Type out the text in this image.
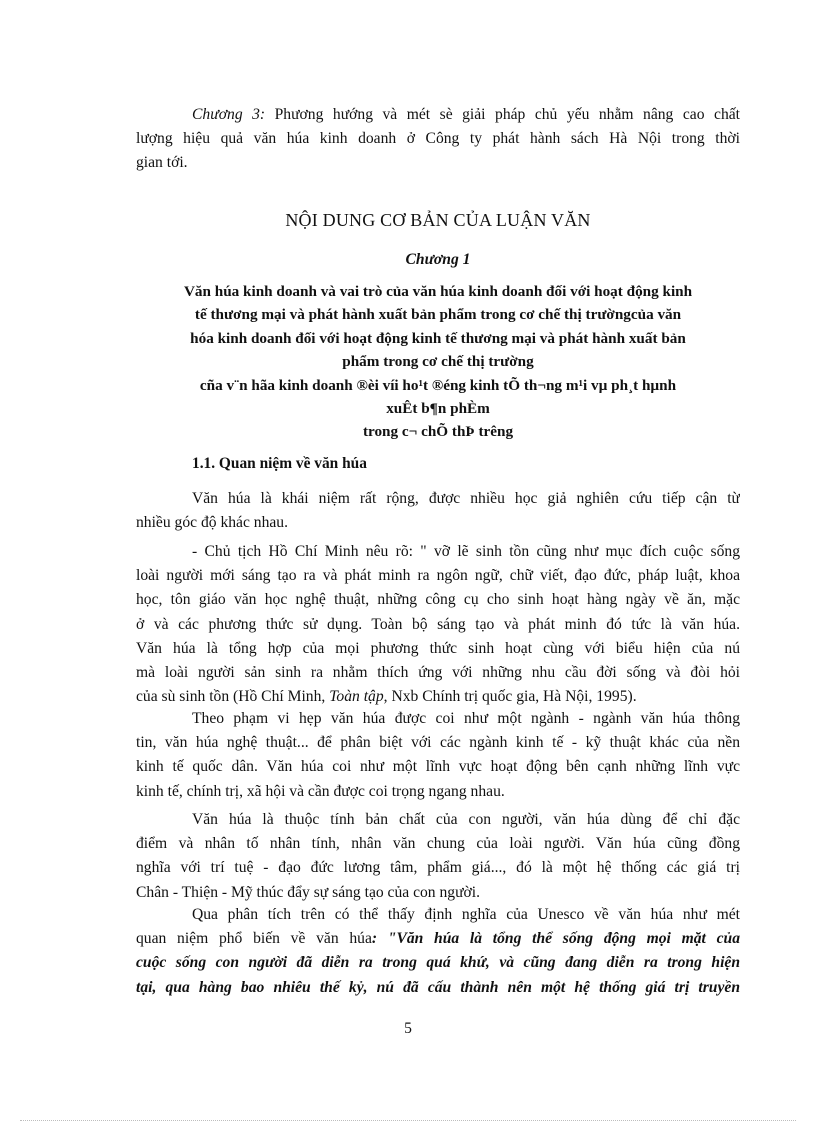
Chương 3: Phương hướng và mét sè giải pháp chủ yếu nhằm nâng cao chất
lượng hiệu quả văn húa kinh doanh ở Công ty phát hành sách Hà Nội trong thời
gian tới.

NỘI DUNG CƠ BẢN CỦA LUẬN VĂN

Chương 1

Văn húa kinh doanh và vai trò của văn húa kinh doanh đối với hoạt động kinh
tế thương mại và phát hành xuất bản phẩm trong cơ chế thị trườngcủa văn
hóa kinh doanh đối với hoạt động kinh tế thương mại và phát hành xuất bản
phẩm trong cơ chế thị trường
cña v¨n hãa kinh doanh ®èi víi ho¹t ®éng kinh tÕ th¬ng m¹i vµ ph¸t hµnh
xuÊt b¶n phÈm
trong c¬ chÕ thÞ trêng

1.1. Quan niệm về văn húa

Văn húa là khái niệm rất rộng, được nhiều học giả nghiên cứu tiếp cận từ
nhiều góc độ khác nhau.
- Chủ tịch Hồ Chí Minh nêu rõ: " vỡ lẽ sinh tồn cũng như mục đích cuộc sống
loài người mới sáng tạo ra và phát minh ra ngôn ngữ, chữ viết, đạo đức, pháp luật, khoa
học, tôn giáo văn học nghệ thuật, những công cụ cho sinh hoạt hàng ngày về ăn, mặc
ở và các phương thức sử dụng. Toàn bộ sáng tạo và phát minh đó tức là văn húa.
Văn húa là tổng hợp của mọi phương thức sinh hoạt cùng với biểu hiện của nú
mà loài người sản sinh ra nhằm thích ứng với những nhu cầu đời sống và đòi hỏi
của sù sinh tồn (Hồ Chí Minh, Toàn tập, Nxb Chính trị quốc gia, Hà Nội, 1995).
Theo phạm vi hẹp văn húa được coi như một ngành - ngành văn húa thông
tin, văn húa nghệ thuật... để phân biệt với các ngành kinh tế - kỹ thuật khác của nền
kinh tế quốc dân. Văn húa coi như một lĩnh vực hoạt động bên cạnh những lĩnh vực
kinh tế, chính trị, xã hội và cần được coi trọng ngang nhau.
Văn húa là thuộc tính bản chất của con người, văn húa dùng để chỉ đặc
điểm và nhân tố nhân tính, nhân văn chung của loài người. Văn húa cũng đồng
nghĩa với trí tuệ - đạo đức lương tâm, phẩm giá..., đó là một hệ thống các giá trị
Chân - Thiện - Mỹ thúc đẩy sự sáng tạo của con người.
Qua phân tích trên có thể thấy định nghĩa của Unesco về văn húa như mét
quan niệm phổ biến về văn húa: "Văn húa là tổng thể sống động mọi mặt của
cuộc sống con người đã diễn ra trong quá khứ, và cũng đang diễn ra trong hiện
tại, qua hàng bao nhiêu thế kỷ, nú đã cấu thành nên một hệ thống giá trị truyền
5
